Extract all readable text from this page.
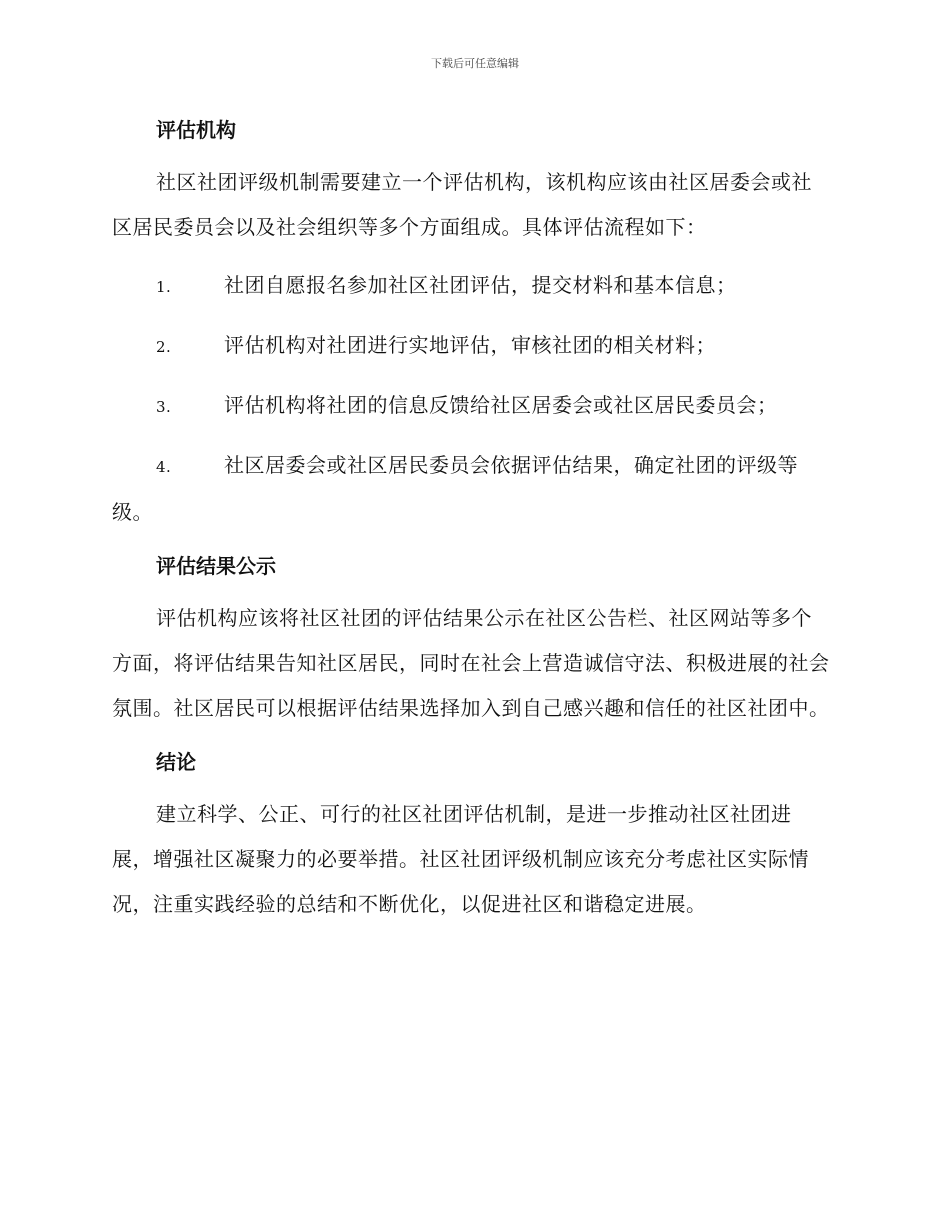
下载后可任意编辑
评估机构

社区社团评级机制需要建立一个评估机构，该机构应该由社区居委会或社区居民委员会以及社会组织等多个方面组成。具体评估流程如下：

1.	社团自愿报名参加社区社团评估，提交材料和基本信息；

2.	评估机构对社团进行实地评估，审核社团的相关材料；

3.	评估机构将社团的信息反馈给社区居委会或社区居民委员会；

4.	社区居委会或社区居民委员会依据评估结果，确定社团的评级等级。

评估结果公示

评估机构应该将社区社团的评估结果公示在社区公告栏、社区网站等多个方面，将评估结果告知社区居民，同时在社会上营造诚信守法、积极进展的社会氛围。社区居民可以根据评估结果选择加入到自己感兴趣和信任的社区社团中。

结论

建立科学、公正、可行的社区社团评估机制，是进一步推动社区社团进展，增强社区凝聚力的必要举措。社区社团评级机制应该充分考虑社区实际情况，注重实践经验的总结和不断优化，以促进社区和谐稳定进展。
